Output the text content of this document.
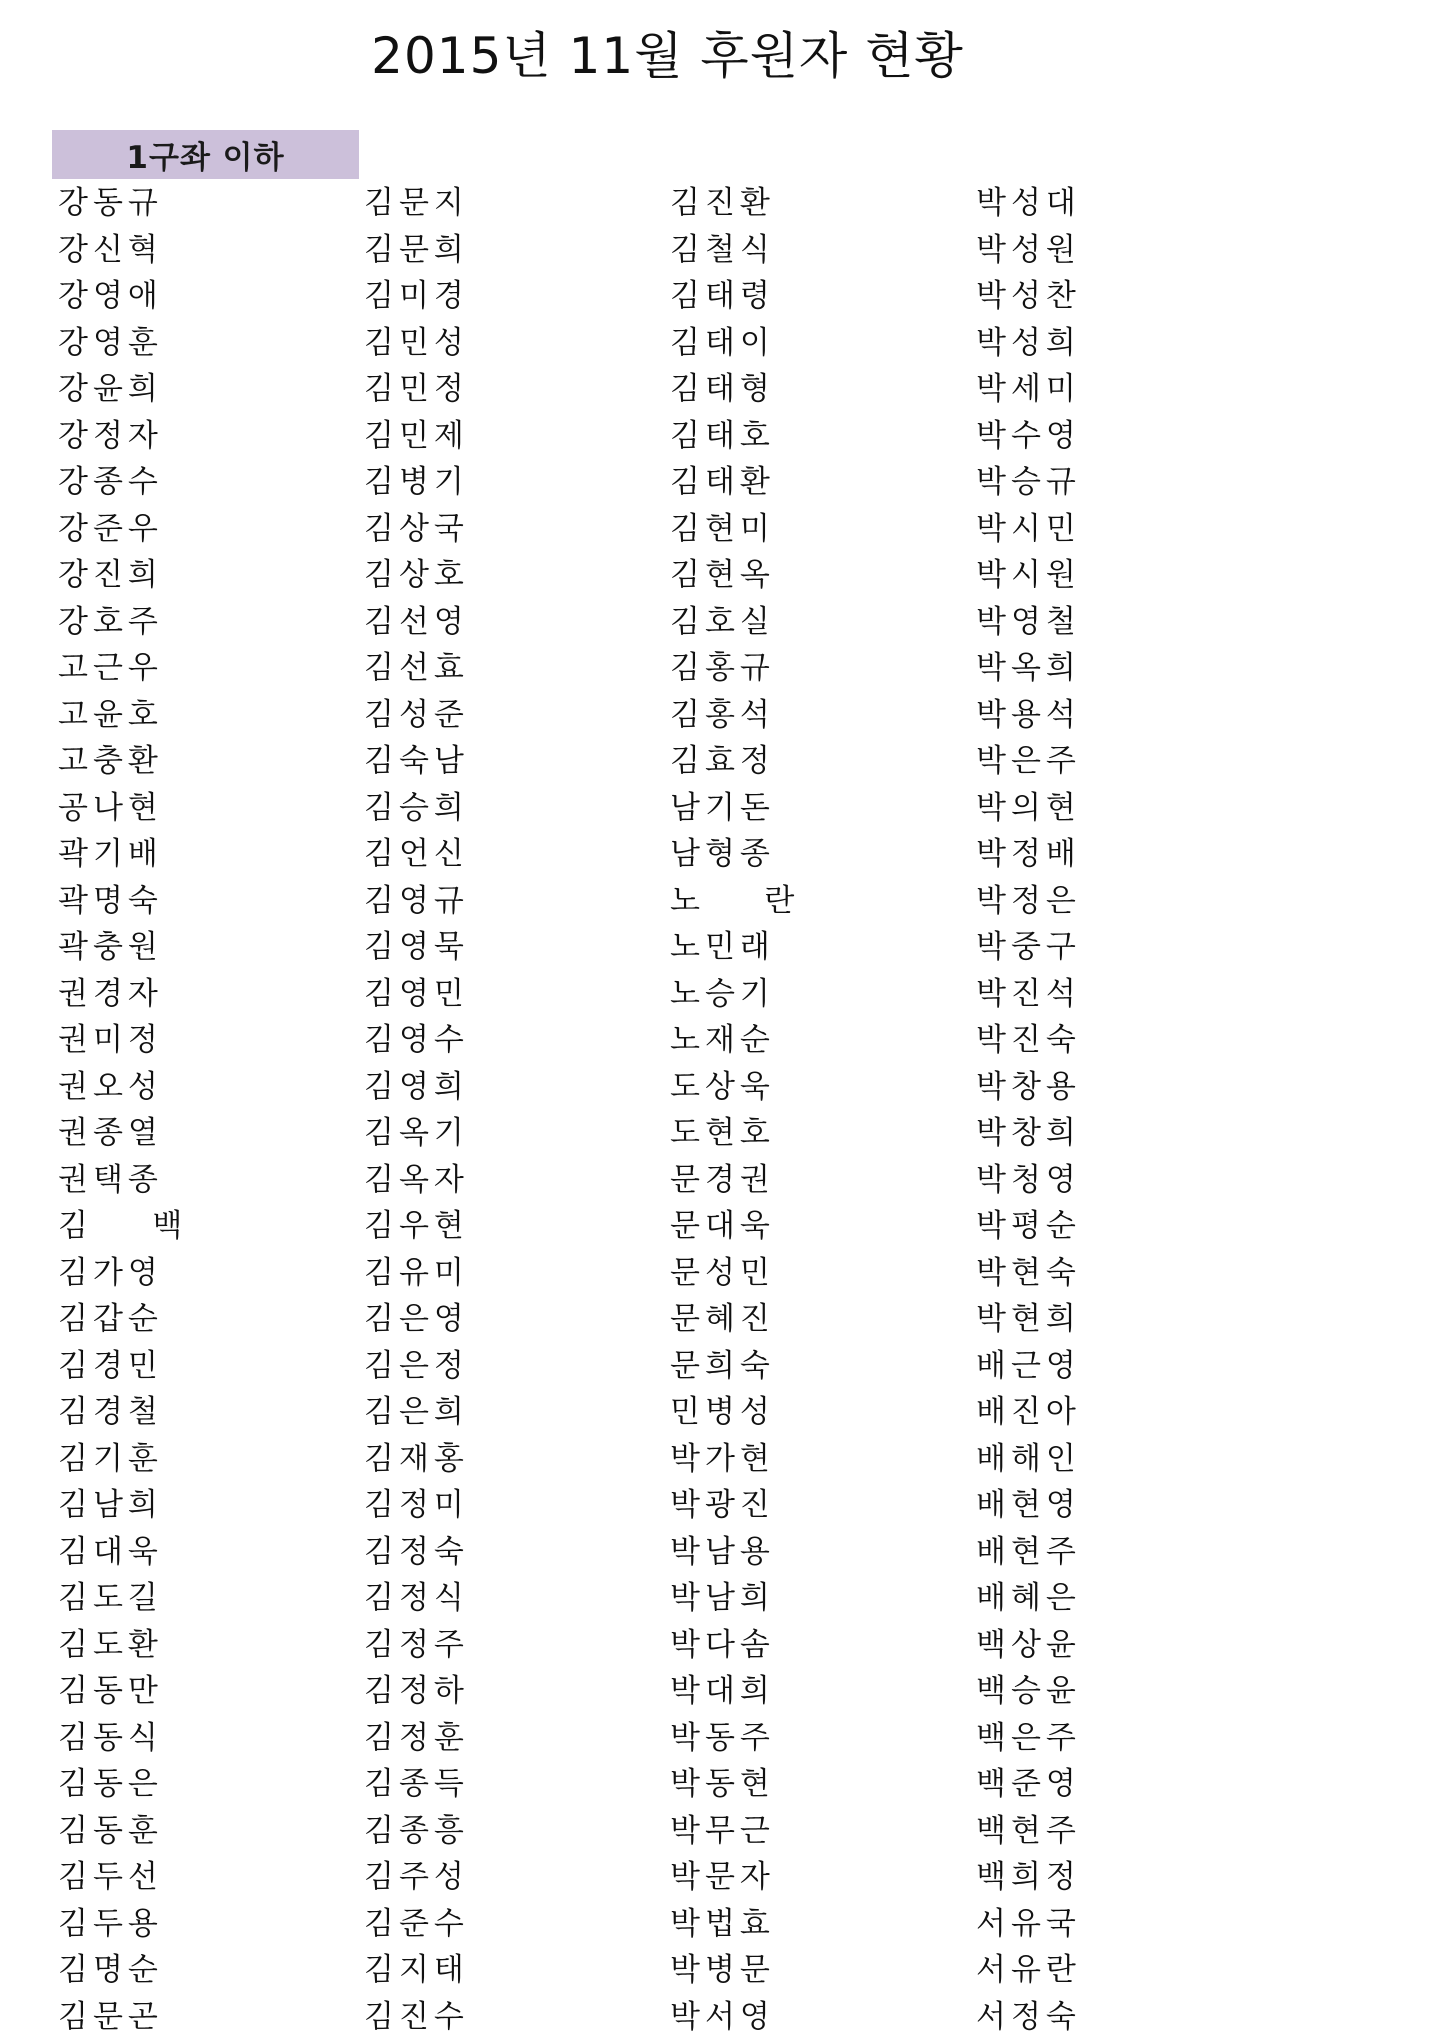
2015년 11월 후원자 현황
1구좌 이하
강동규
강신혁
강영애
강영훈
강윤희
강정자
강종수
강준우
강진희
강호주
고근우
고윤호
고충환
공나현
곽기배
곽명숙
곽충원
권경자
권미정
권오성
권종열
권택종
김    백
김가영
김갑순
김경민
김경철
김기훈
김남희
김대욱
김도길
김도환
김동만
김동식
김동은
김동훈
김두선
김두용
김명순
김문곤
김문지
김문희
김미경
김민성
김민정
김민제
김병기
김상국
김상호
김선영
김선효
김성준
김숙남
김승희
김언신
김영규
김영묵
김영민
김영수
김영희
김옥기
김옥자
김우현
김유미
김은영
김은정
김은희
김재홍
김정미
김정숙
김정식
김정주
김정하
김정훈
김종득
김종흥
김주성
김준수
김지태
김진수
김진환
김철식
김태령
김태이
김태형
김태호
김태환
김현미
김현옥
김호실
김홍규
김홍석
김효정
남기돈
남형종
노    란
노민래
노승기
노재순
도상욱
도현호
문경권
문대욱
문성민
문혜진
문희숙
민병성
박가현
박광진
박남용
박남희
박다솜
박대희
박동주
박동현
박무근
박문자
박법효
박병문
박서영
박성대
박성원
박성찬
박성희
박세미
박수영
박승규
박시민
박시원
박영철
박옥희
박용석
박은주
박의현
박정배
박정은
박중구
박진석
박진숙
박창용
박창희
박청영
박평순
박현숙
박현희
배근영
배진아
배해인
배현영
배현주
배혜은
백상윤
백승윤
백은주
백준영
백현주
백희정
서유국
서유란
서정숙
